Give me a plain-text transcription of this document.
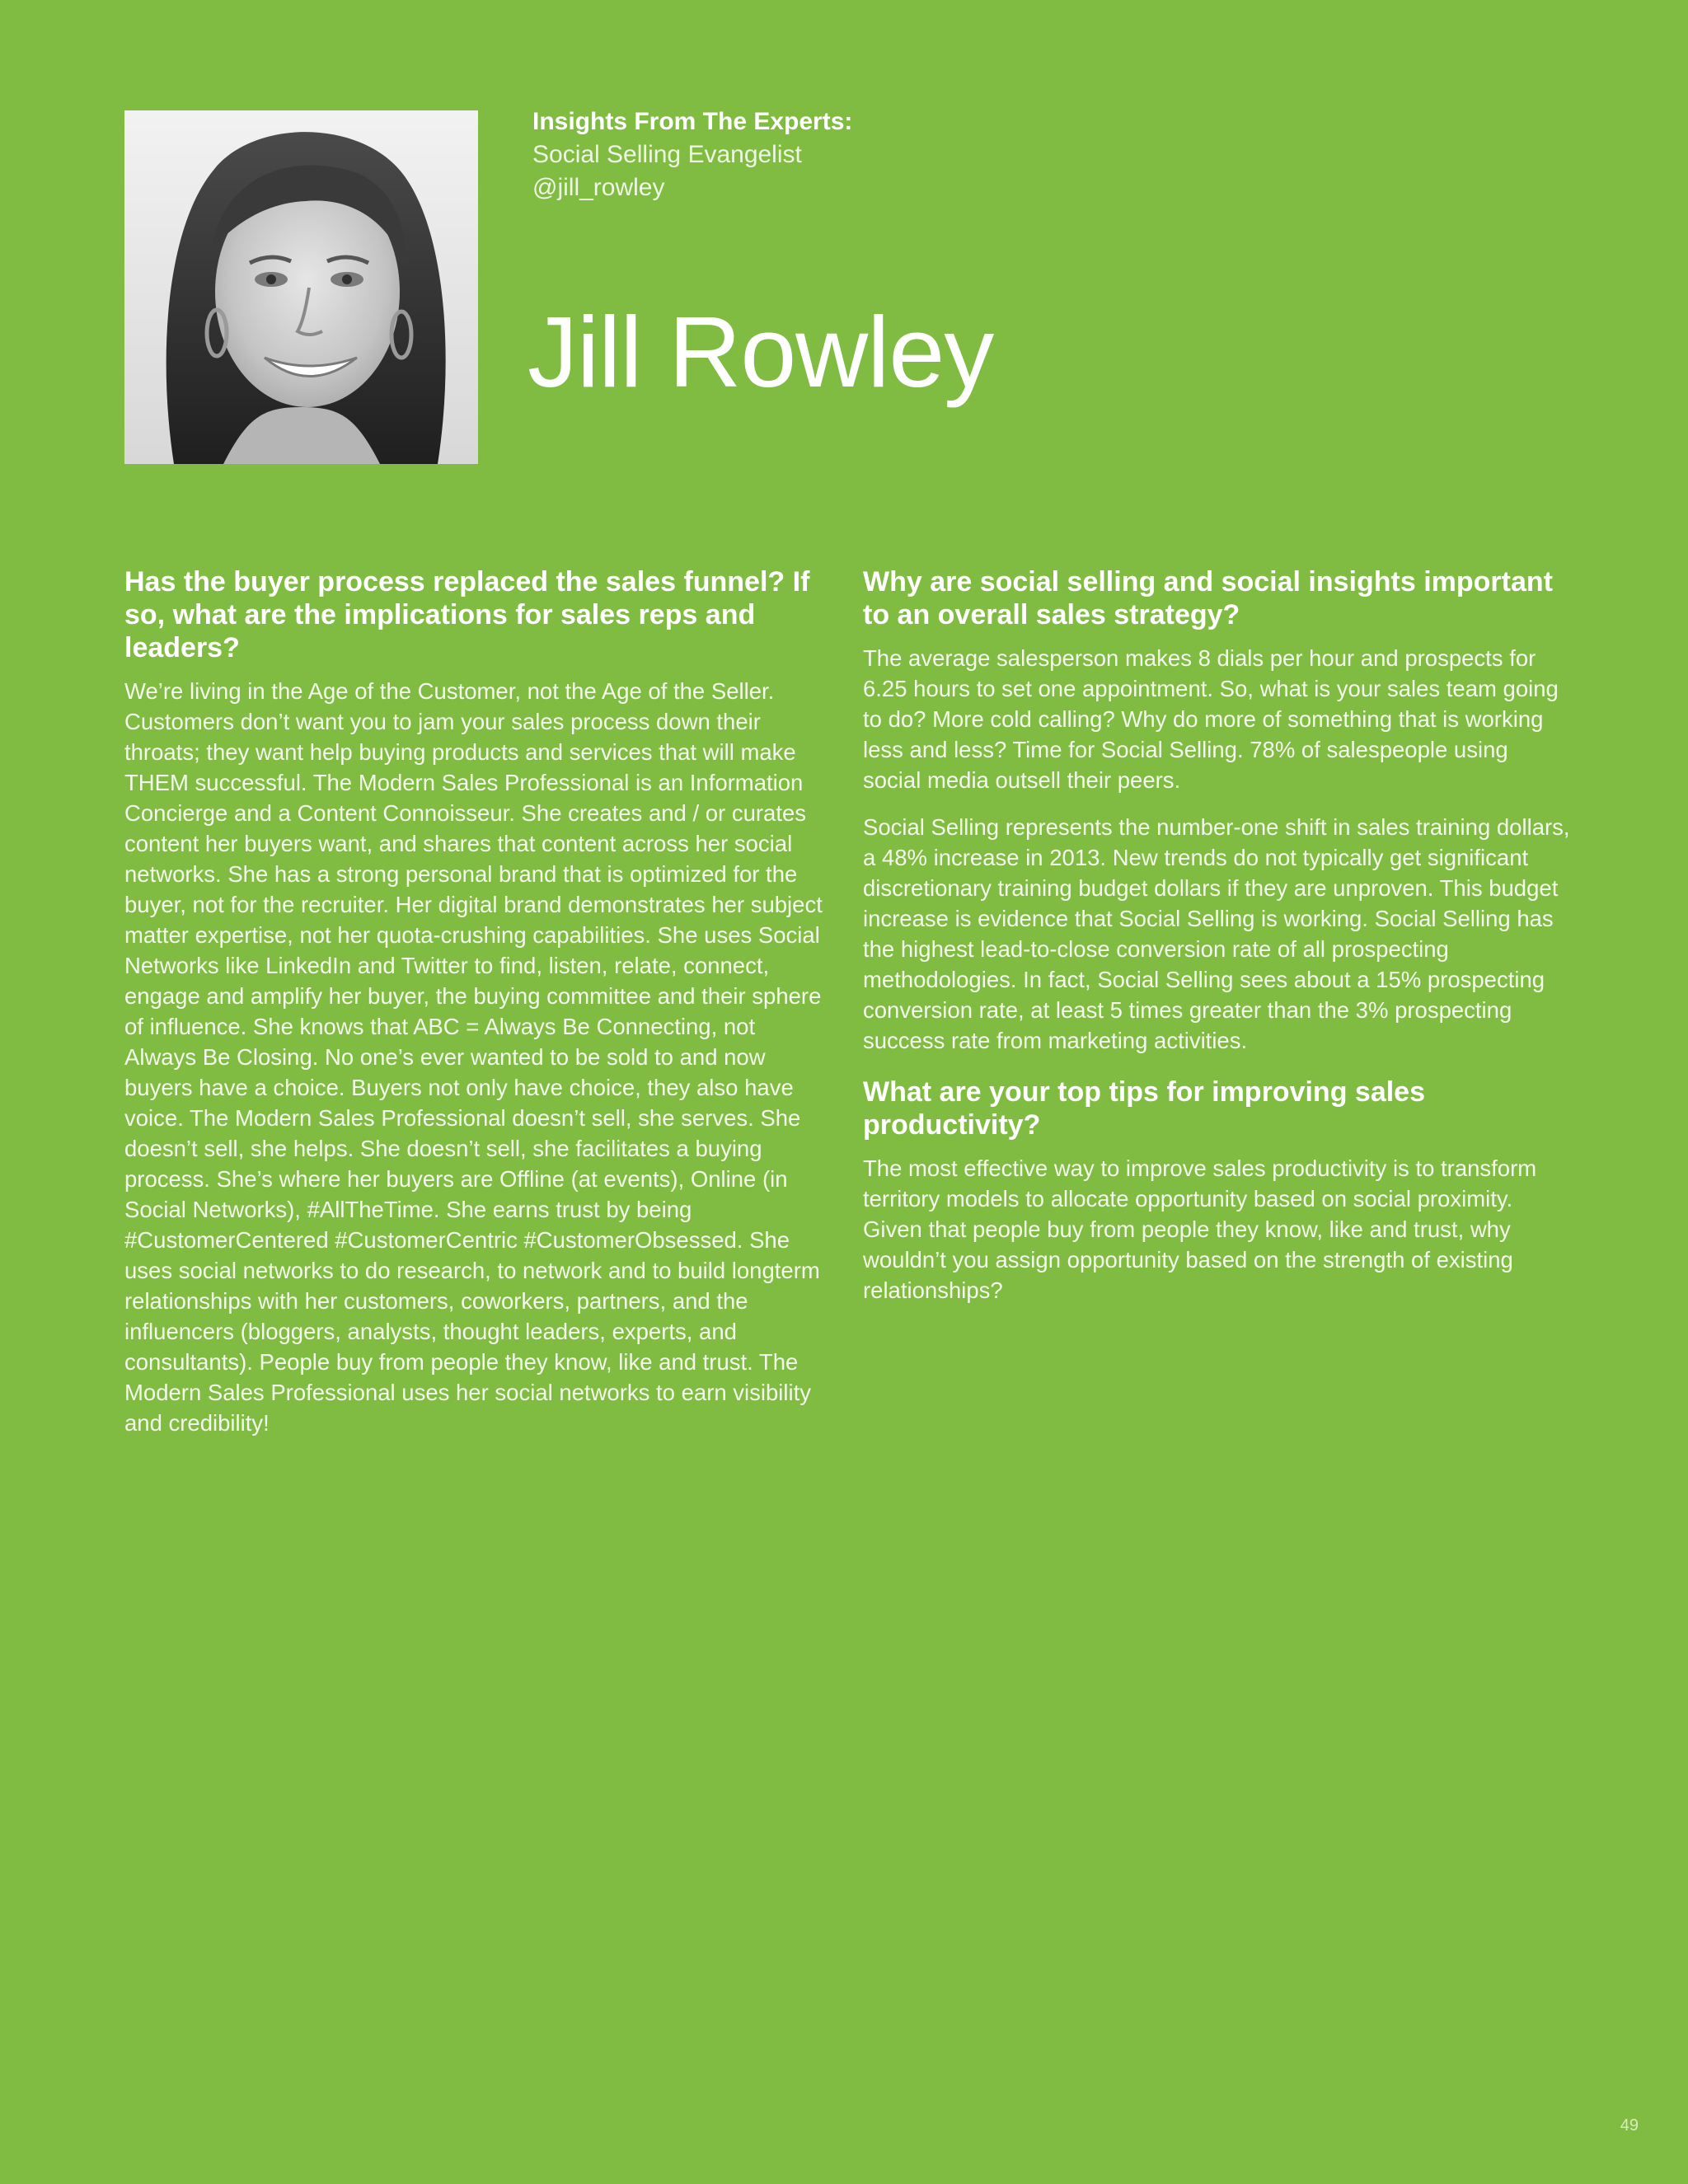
Insights From The Experts:

Social Selling Evangelist

@jill_rowley

Jill Rowley
Has the buyer process replaced the sales funnel? If so, what are the implications for sales reps and leaders?

We’re living in the Age of the Customer, not the Age of the Seller. Customers don’t want you to jam your sales process down their throats; they want help buying products and services that will make THEM successful. The Modern Sales Professional is an Information Concierge and a Content Connoisseur. She creates and / or curates content her buyers want, and shares that content across her social networks. She has a strong personal brand that is optimized for the buyer, not for the recruiter. Her digital brand demonstrates her subject matter expertise, not her quota-crushing capabilities. She uses Social Networks like LinkedIn and Twitter to find, listen, relate, connect, engage and amplify her buyer, the buying committee and their sphere of influence. She knows that ABC = Always Be Connecting, not Always Be Closing. No one’s ever wanted to be sold to and now buyers have a choice. Buyers not only have choice, they also have voice. The Modern Sales Professional doesn’t sell, she serves. She doesn’t sell, she helps. She doesn’t sell, she facilitates a buying process. She’s where her buyers are Offline (at events), Online (in Social Networks), #AllTheTime. She earns trust by being #CustomerCentered #CustomerCentric #CustomerObsessed. She uses social networks to do research, to network and to build longterm relationships with her customers, coworkers, partners, and the influencers (bloggers, analysts, thought leaders, experts, and consultants). People buy from people they know, like and trust. The Modern Sales Professional uses her social networks to earn visibility and credibility!

Why are social selling and social insights important to an overall sales strategy?

The average salesperson makes 8 dials per hour and prospects for 6.25 hours to set one appointment. So, what is your sales team going to do? More cold calling? Why do more of something that is working less and less? Time for Social Selling. 78% of salespeople using social media outsell their peers.

Social Selling represents the number-one shift in sales training dollars, a 48% increase in 2013. New trends do not typically get significant discretionary training budget dollars if they are unproven. This budget increase is evidence that Social Selling is working. Social Selling has the highest lead-to-close conversion rate of all prospecting methodologies. In fact, Social Selling sees about a 15% prospecting conversion rate, at least 5 times greater than the 3% prospecting success rate from marketing activities.

What are your top tips for improving sales productivity?

The most effective way to improve sales productivity is to transform territory models to allocate opportunity based on social proximity. Given that people buy from people they know, like and trust, why wouldn’t you assign opportunity based on the strength of existing relationships?

49
